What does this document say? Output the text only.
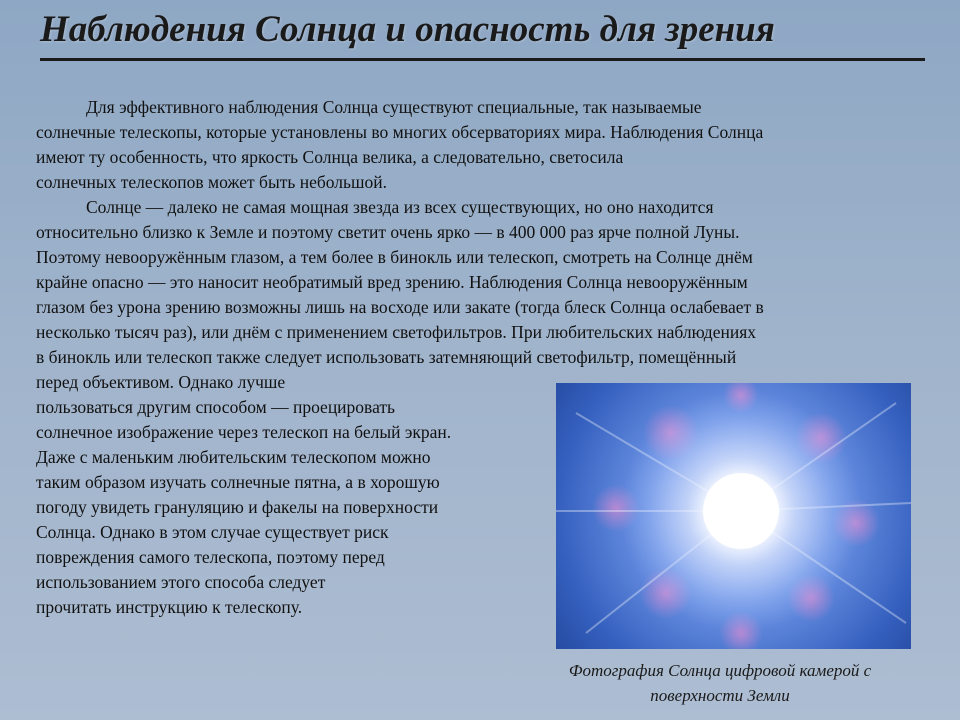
Наблюдения Солнца и опасность для зрения
Для эффективного наблюдения Солнца существуют специальные, так называемые
солнечные телескопы, которые установлены во многих обсерваториях мира. Наблюдения Солнца
имеют ту особенность, что яркость Солнца велика, а следовательно, светосила
солнечных телескопов может быть небольшой.
Солнце — далеко не самая мощная звезда из всех существующих, но оно находится
относительно близко к Земле и поэтому светит очень ярко — в 400 000 раз ярче полной Луны.
Поэтому невооружённым глазом, а тем более в бинокль или телескоп, смотреть на Солнце днём
крайне опасно — это наносит необратимый вред зрению. Наблюдения Солнца невооружённым
глазом без урона зрению возможны лишь на восходе или закате (тогда блеск Солнца ослабевает в
несколько тысяч раз), или днём с применением светофильтров. При любительских наблюдениях
в бинокль или телескоп также следует использовать затемняющий светофильтр, помещённый
перед объективом. Однако лучше
пользоваться другим способом — проецировать
солнечное изображение через телескоп на белый экран.
Даже с маленьким любительским телескопом можно
таким образом изучать солнечные пятна, а в хорошую
погоду увидеть грануляцию и факелы на поверхности
Солнца. Однако в этом случае существует риск
повреждения самого телескопа, поэтому перед
использованием этого способа следует
прочитать инструкцию к телескопу.
Фотография Солнца цифровой камерой с
поверхности Земли
